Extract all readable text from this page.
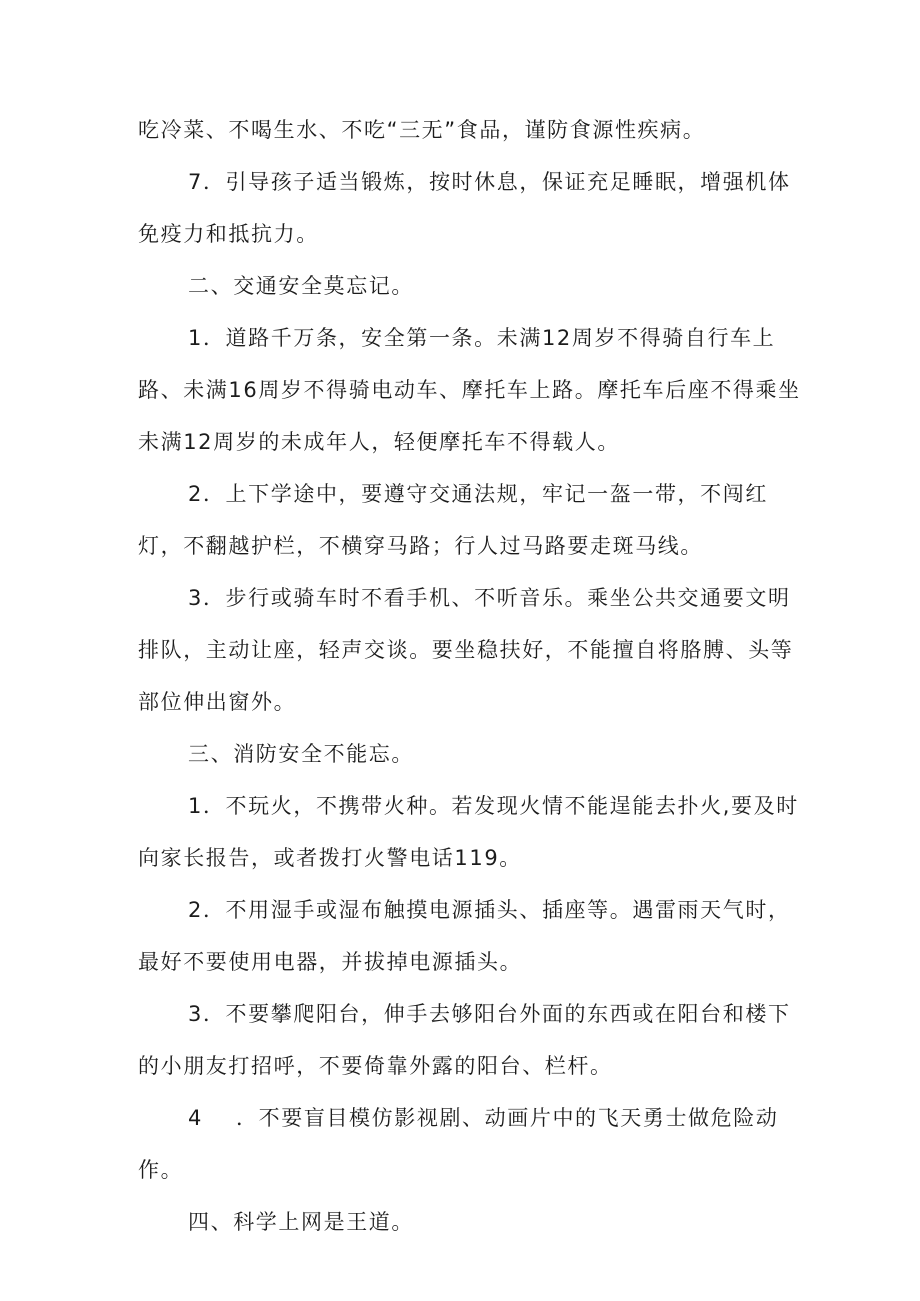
吃冷菜、不喝生水、不吃“三无”食品，谨防食源性疾病。

7．引导孩子适当锻炼，按时休息，保证充足睡眠，增强机体免疫力和抵抗力。

二、交通安全莫忘记。

1．道路千万条，安全第一条。未满12周岁不得骑自行车上路、未满16周岁不得骑电动车、摩托车上路。摩托车后座不得乘坐未满12周岁的未成年人，轻便摩托车不得载人。

2．上下学途中，要遵守交通法规，牢记一盔一带，不闯红灯，不翻越护栏，不横穿马路；行人过马路要走斑马线。

3．步行或骑车时不看手机、不听音乐。乘坐公共交通要文明排队，主动让座，轻声交谈。要坐稳扶好，不能擅自将胳膊、头等部位伸出窗外。

三、消防安全不能忘。

1．不玩火，不携带火种。若发现火情不能逞能去扑火,要及时向家长报告，或者拨打火警电话119。

2．不用湿手或湿布触摸电源插头、插座等。遇雷雨天气时，最好不要使用电器，并拔掉电源插头。

3．不要攀爬阳台，伸手去够阳台外面的东西或在阳台和楼下的小朋友打招呼，不要倚靠外露的阳台、栏杆。

4    ．不要盲目模仿影视剧、动画片中的飞天勇士做危险动作。

四、科学上网是王道。
